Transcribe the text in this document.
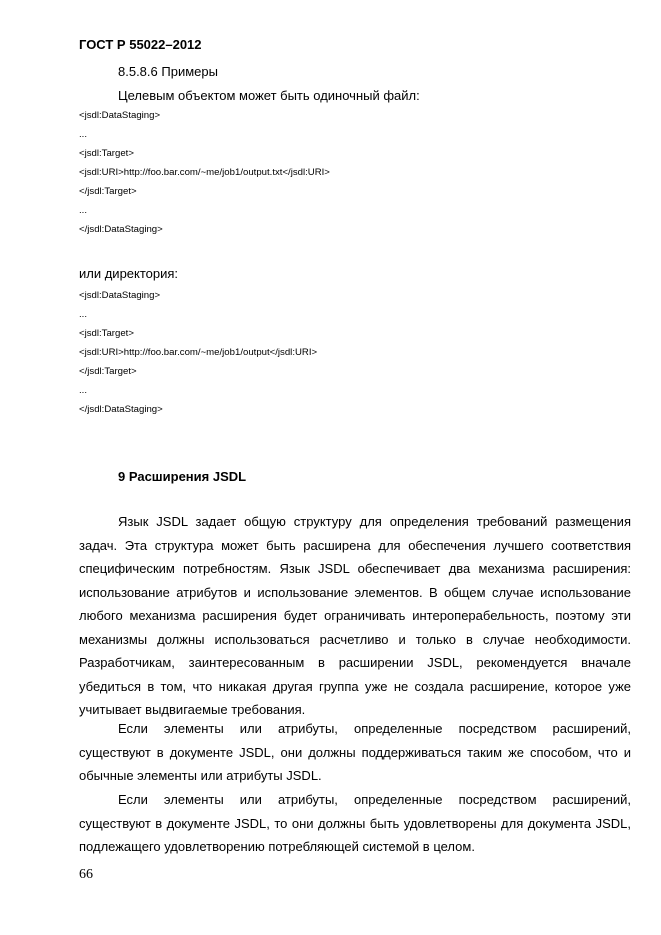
ГОСТ Р 55022–2012
8.5.8.6 Примеры
Целевым объектом может быть одиночный файл:
<jsdl:DataStaging>
...
<jsdl:Target>
<jsdl:URI>http://foo.bar.com/~me/job1/output.txt</jsdl:URI>
</jsdl:Target>
...
</jsdl:DataStaging>
или директория:
<jsdl:DataStaging>
...
<jsdl:Target>
<jsdl:URI>http://foo.bar.com/~me/job1/output</jsdl:URI>
</jsdl:Target>
...
</jsdl:DataStaging>
9 Расширения JSDL

Язык JSDL задает общую структуру для определения требований размещения задач. Эта структура может быть расширена для обеспечения лучшего соответствия специфическим потребностям. Язык JSDL обеспечивает два механизма расширения: использование атрибутов и использование элементов. В общем случае использование любого механизма расширения будет ограничивать интероперабельность, поэтому эти механизмы должны использоваться расчетливо и только в случае необходимости. Разработчикам, заинтересованным в расширении JSDL, рекомендуется вначале убедиться в том, что никакая другая группа уже не создала расширение, которое уже учитывает выдвигаемые требования.

Если элементы или атрибуты, определенные посредством расширений, существуют в документе JSDL, они должны поддерживаться таким же способом, что и обычные элементы или атрибуты JSDL.

Если элементы или атрибуты, определенные посредством расширений, существуют в документе JSDL, то они должны быть удовлетворены для документа JSDL, подлежащего удовлетворению потребляющей системой в целом.

66
